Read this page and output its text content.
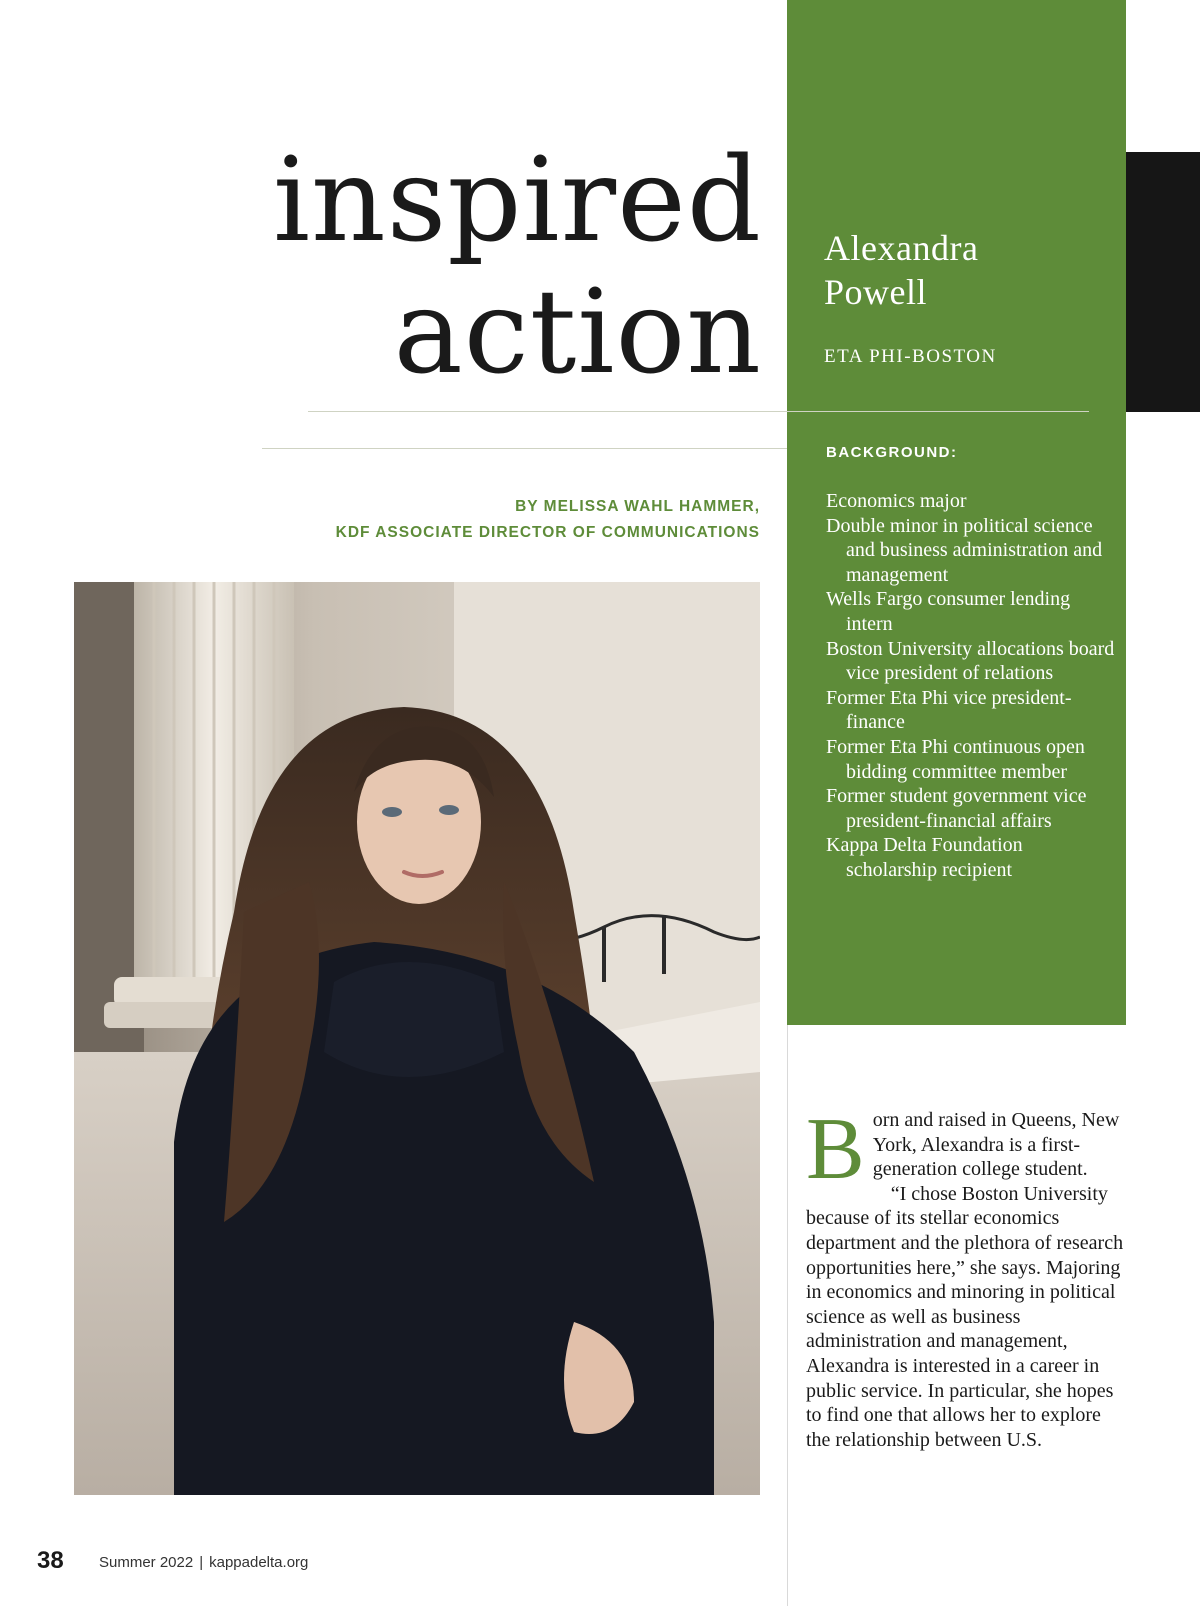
inspired
action
Alexandra
Powell
ETA PHI-BOSTON
BACKGROUND:
Economics major
Double minor in political science and business administration and management
Wells Fargo consumer lending intern
Boston University allocations board vice president of relations
Former Eta Phi vice president-finance
Former Eta Phi continuous open bidding committee member
Former student government vice president-financial affairs
Kappa Delta Foundation scholarship recipient
BY MELISSA WAHL HAMMER,
KDF ASSOCIATE DIRECTOR OF COMMUNICATIONS

Born and raised in Queens, New York, Alexandra is a first-generation college student.

“I chose Boston University because of its stellar economics department and the plethora of research opportunities here,” she says. Majoring in economics and minoring in political science as well as business administration and management, Alexandra is interested in a career in public service. In particular, she hopes to find one that allows her to explore the relationship between U.S.

38 Summer 2022 | kappadelta.org
